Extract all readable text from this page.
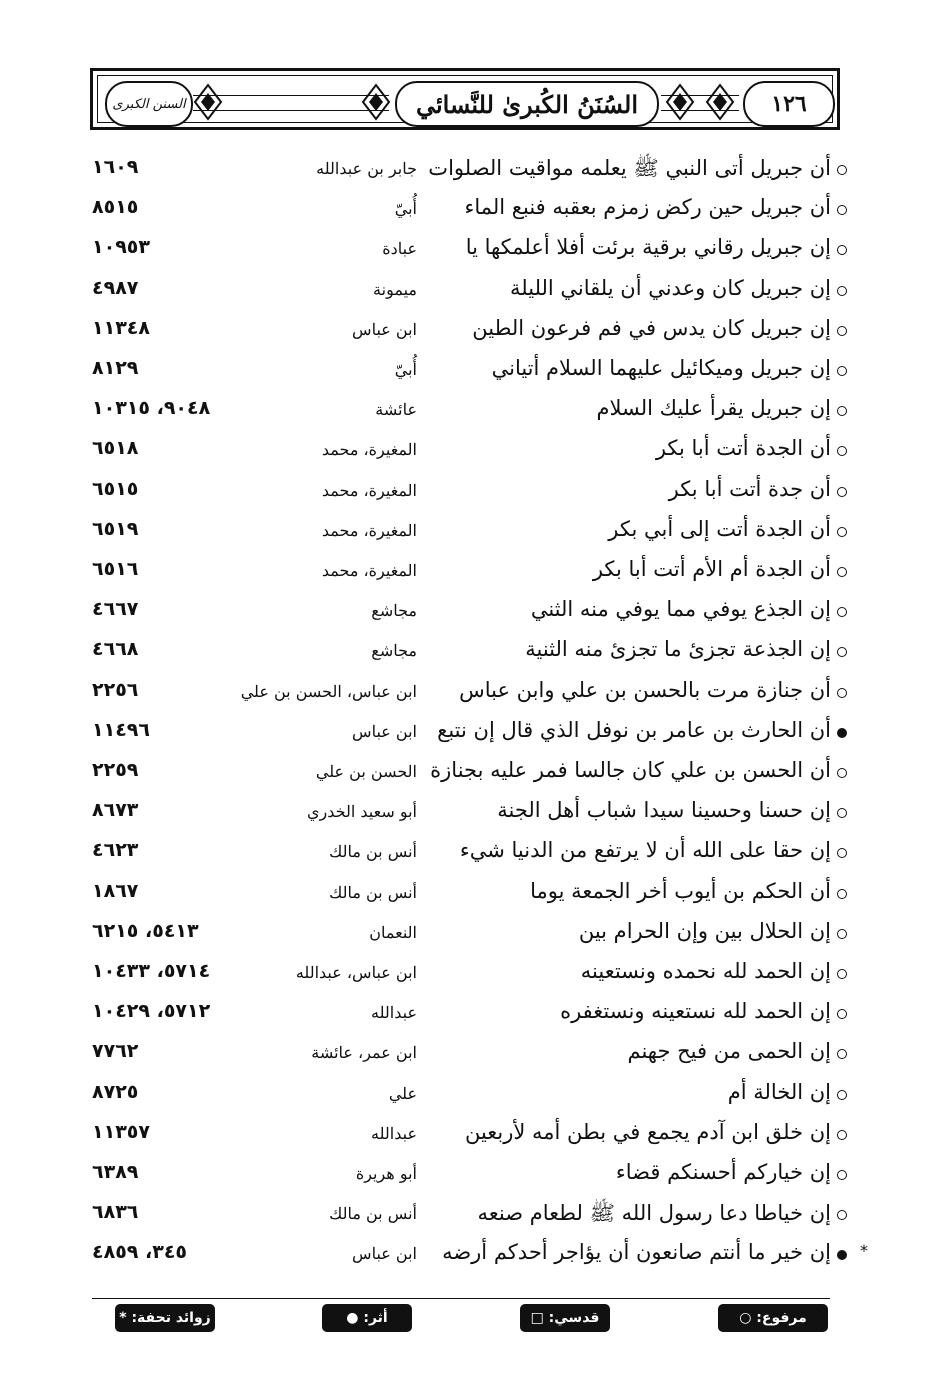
السنن الكبرى	السُنَنُ الكُبرىٰ للنَّسائي	١٢٦
أن جبريل أتى النبي ﷺ يعلمه مواقيت الصلوات
جابر بن عبدالله
١٦٠٩
أن جبريل حين ركض زمزم بعقبه فنبع الماء
أُبيّ
٨٥١٥
إن جبريل رقاني برقية برئت أفلا أعلمكها يا
عبادة
١٠٩٥٣
إن جبريل كان وعدني أن يلقاني الليلة
ميمونة
٤٩٨٧
إن جبريل كان يدس في فم فرعون الطين
ابن عباس
١١٣٤٨
إن جبريل وميكائيل عليهما السلام أتياني
أُبيّ
٨١٢٩
إن جبريل يقرأ عليك السلام
عائشة
٩٠٤٨، ١٠٣١٥
أن الجدة أتت أبا بكر
المغيرة، محمد
٦٥١٨
أن جدة أتت أبا بكر
المغيرة، محمد
٦٥١٥
أن الجدة أتت إلى أبي بكر
المغيرة، محمد
٦٥١٩
أن الجدة أم الأم أتت أبا بكر
المغيرة، محمد
٦٥١٦
إن الجذع يوفي مما يوفي منه الثني
مجاشع
٤٦٦٧
إن الجذعة تجزئ ما تجزئ منه الثنية
مجاشع
٤٦٦٨
أن جنازة مرت بالحسن بن علي وابن عباس
ابن عباس، الحسن بن علي
٢٢٥٦
أن الحارث بن عامر بن نوفل الذي قال إن نتبع
ابن عباس
١١٤٩٦
أن الحسن بن علي كان جالسا فمر عليه بجنازة
الحسن بن علي
٢٢٥٩
إن حسنا وحسينا سيدا شباب أهل الجنة
أبو سعيد الخدري
٨٦٧٣
إن حقا على الله أن لا يرتفع من الدنيا شيء
أنس بن مالك
٤٦٢٣
أن الحكم بن أيوب أخر الجمعة يوما
أنس بن مالك
١٨٦٧
إن الحلال بين وإن الحرام بين
النعمان
٥٤١٣، ٦٢١٥
إن الحمد لله نحمده ونستعينه
ابن عباس، عبدالله
٥٧١٤، ١٠٤٣٣
إن الحمد لله نستعينه ونستغفره
عبدالله
٥٧١٢، ١٠٤٢٩
إن الحمى من فيح جهنم
ابن عمر، عائشة
٧٧٦٢
إن الخالة أم
علي
٨٧٢٥
إن خلق ابن آدم يجمع في بطن أمه لأربعين
عبدالله
١١٣٥٧
إن خياركم أحسنكم قضاء
أبو هريرة
٦٣٨٩
إن خياطا دعا رسول الله ﷺ لطعام صنعه
أنس بن مالك
٦٨٣٦
*
إن خير ما أنتم صانعون أن يؤاجر أحدكم أرضه
ابن عباس
٣٤٥، ٤٨٥٩
مرفوع: ○
قدسي: □
أثر: ●
زوائد تحفة: *
